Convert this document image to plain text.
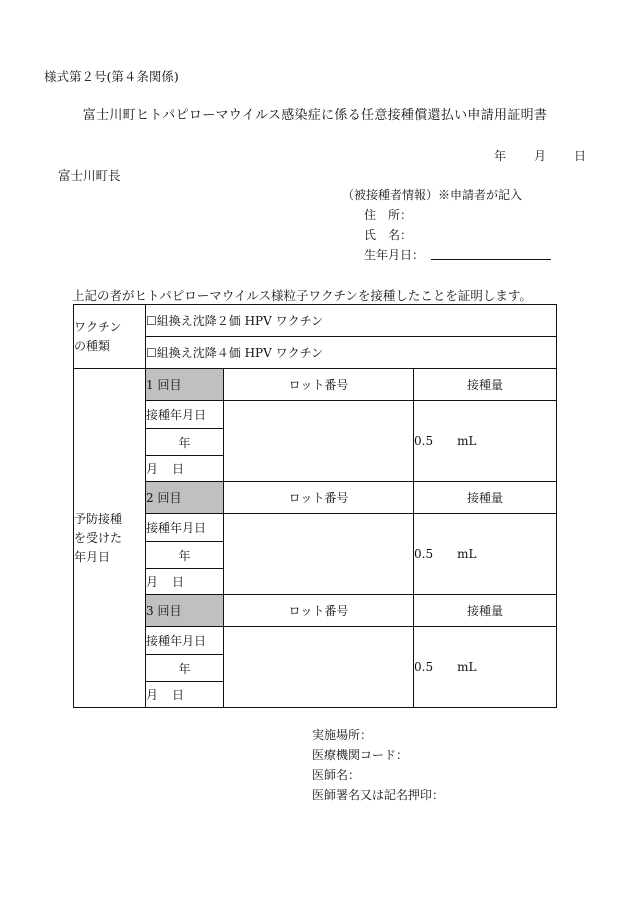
様式第２号(第４条関係)
富士川町ヒトパピローマウイルス感染症に係る任意接種償還払い申請用証明書
年 月 日
富士川町長
（被接種者情報）※申請者が記入
住　所：
氏　名：
生年月日：
上記の者がヒトパピローマウイルス様粒子ワクチンを接種したことを証明します。
ワクチン
の種類	☐組換え沈降２価 HPV ワクチン		
	☐組換え沈降４価 HPV ワクチン		

予防接種
を受けた
年月日	1 回目	ロット番号	接種量
	接種年月日		0.5 mL
	年		
	月 日		
	2 回目	ロット番号	接種量
	接種年月日		0.5 mL
	年		
	月 日		
	3 回目	ロット番号	接種量
	接種年月日		0.5 mL
	年		
	月 日		
実施場所：
医療機関コード：
医師名：
医師署名又は記名押印：
